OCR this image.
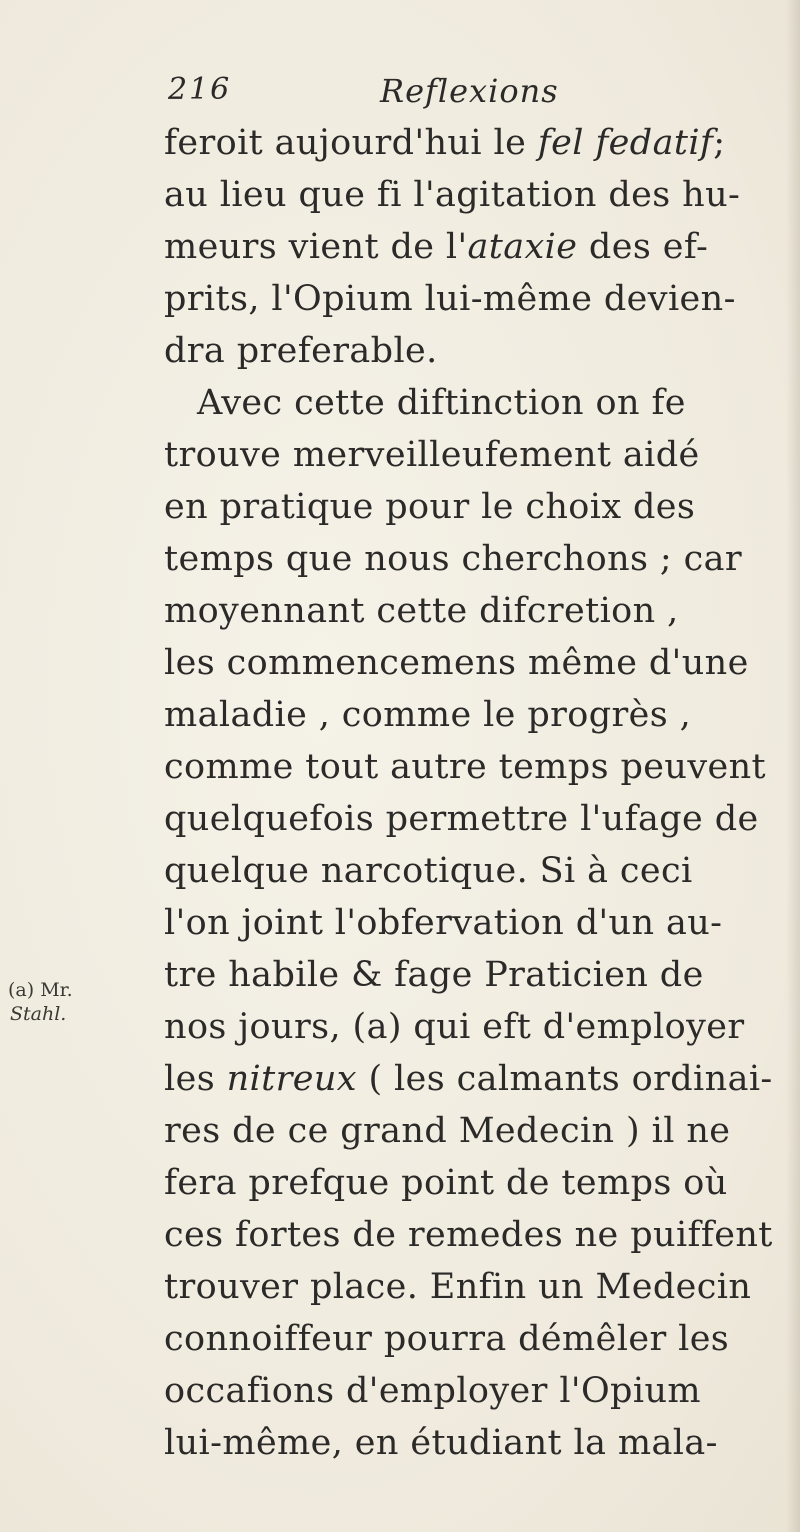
216	Reflexions
(a) Mr.
Stahl.
feroit aujourd'hui le fel fedatif;
au lieu que fi l'agitation des hu-
meurs vient de l'ataxie des ef-
prits, l'Opium lui-même devien-
dra preferable.
Avec cette diftinction on fe
trouve merveilleufement aidé
en pratique pour le choix des
temps que nous cherchons ; car
moyennant cette difcretion ,
les commencemens même d'une
maladie , comme le progrès ,
comme tout autre temps peuvent
quelquefois permettre l'ufage de
quelque narcotique. Si à ceci
l'on joint l'obfervation d'un au-
tre habile & fage Praticien de
nos jours, (a) qui eft d'employer
les nitreux ( les calmants ordinai-
res de ce grand Medecin ) il ne
fera prefque point de temps où
ces fortes de remedes ne puiffent
trouver place. Enfin un Medecin
connoiffeur pourra démêler les
occafions d'employer l'Opium
lui-même, en étudiant la mala-
